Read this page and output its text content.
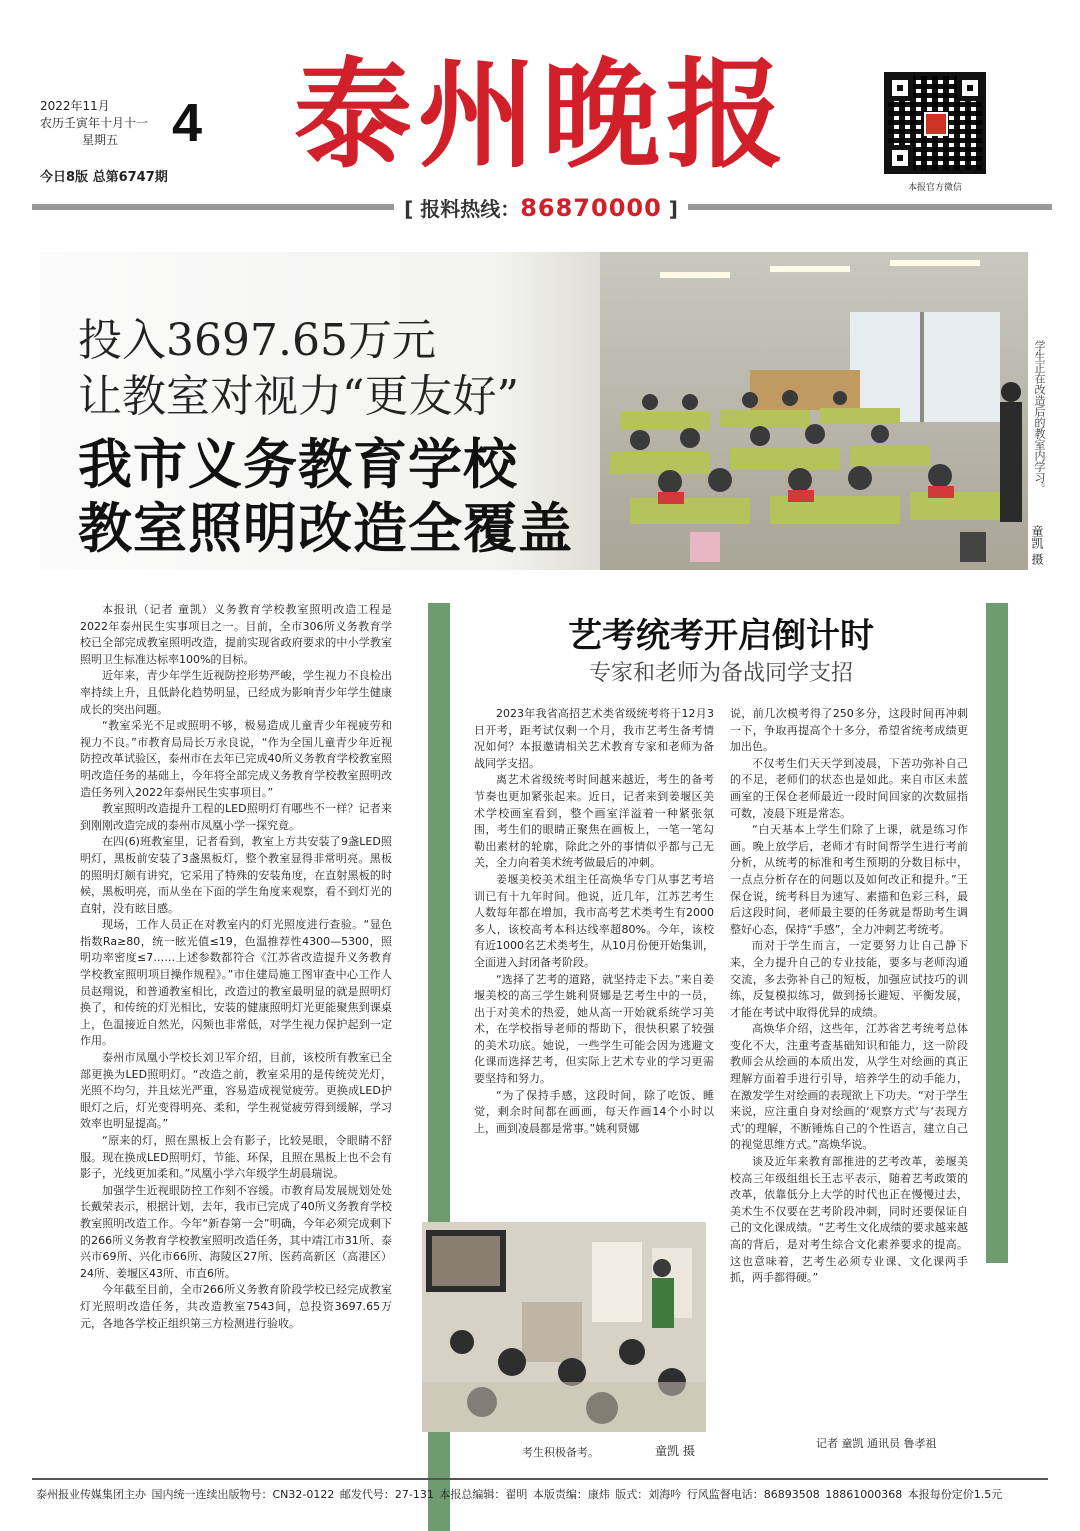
2022年11月
农历壬寅年十月十一
星期五 4
今日8版 总第6747期 泰州晚报
本报官方微信
[ 报料热线：86870000 ]
投入3697.65万元
让教室对视力“更友好”
我市义务教育学校
教室照明改造全覆盖
学生正在改造后的教室内学习。
童凯 摄

本报讯（记者 童凯）义务教育学校教室照明改造工程是2022年泰州民生实事项目之一。目前，全市306所义务教育学校已全部完成教室照明改造，提前实现省政府要求的中小学教室照明卫生标准达标率100%的目标。

近年来，青少年学生近视防控形势严峻，学生视力不良检出率持续上升，且低龄化趋势明显，已经成为影响青少年学生健康成长的突出问题。

“教室采光不足或照明不够，极易造成儿童青少年视疲劳和视力不良。”市教育局局长万永良说，“作为全国儿童青少年近视防控改革试验区，泰州市在去年已完成40所义务教育学校教室照明改造任务的基础上，今年将全部完成义务教育学校教室照明改造任务列入2022年泰州民生实事项目。”

教室照明改造提升工程的LED照明灯有哪些不一样？记者来到刚刚改造完成的泰州市凤凰小学一探究竟。

在四(6)班教室里，记者看到，教室上方共安装了9盏LED照明灯，黑板前安装了3盏黑板灯，整个教室显得非常明亮。黑板的照明灯颇有讲究，它采用了特殊的安装角度，在直射黑板的时候，黑板明亮，而从坐在下面的学生角度来观察，看不到灯光的直射，没有眩目感。

现场，工作人员正在对教室内的灯光照度进行查验。“显色指数Ra≥80，统一眩光值≤19，色温推荐性4300—5300，照明功率密度≤7……上述参数都符合《江苏省改造提升义务教育学校教室照明项目操作规程》。”市住建局施工图审查中心工作人员赵翔说，和普通教室相比，改造过的教室最明显的就是照明灯换了，和传统的灯光相比，安装的健康照明灯光更能聚焦到课桌上，色温接近自然光，闪频也非常低，对学生视力保护起到一定作用。

泰州市凤凰小学校长刘卫军介绍，目前，该校所有教室已全部更换为LED照明灯。“改造之前，教室采用的是传统荧光灯，光照不均匀，并且炫光严重，容易造成视觉疲劳。更换成LED护眼灯之后，灯光变得明亮、柔和，学生视觉疲劳得到缓解，学习效率也明显提高。”

“原来的灯，照在黑板上会有影子，比较晃眼，令眼睛不舒服。现在换成LED照明灯，节能、环保，且照在黑板上也不会有影子，光线更加柔和。”凤凰小学六年级学生胡晨瑞说。

加强学生近视眼防控工作刻不容缓。市教育局发展规划处处长戴荣表示，根据计划，去年，我市已完成了40所义务教育学校教室照明改造工作。今年“新春第一会”明确，今年必须完成剩下的266所义务教育学校教室照明改造任务，其中靖江市31所、泰兴市69所、兴化市66所、海陵区27所、医药高新区（高港区）24所、姜堰区43所、市直6所。

今年截至目前，全市266所义务教育阶段学校已经完成教室灯光照明改造任务，共改造教室7543间，总投资3697.65万元，各地各学校正组织第三方检测进行验收。

艺考统考开启倒计时
专家和老师为备战同学支招

2023年我省高招艺术类省级统考将于12月3日开考，距考试仅剩一个月，我市艺考生备考情况如何？本报邀请相关艺术教育专家和老师为备战同学支招。

离艺术省级统考时间越来越近，考生的备考节奏也更加紧张起来。近日，记者来到姜堰区美术学校画室看到，整个画室洋溢着一种紧张氛围，考生们的眼睛正聚焦在画板上，一笔一笔勾勒出素材的轮廓，除此之外的事情似乎都与己无关，全力向着美术统考做最后的冲刺。

姜堰美校美术组主任高焕华专门从事艺考培训已有十九年时间。他说，近几年，江苏艺考生人数每年都在增加，我市高考艺术类考生有2000多人，该校高考本科达线率超80%。今年，该校有近1000名艺术类考生，从10月份便开始集训，全面进入封闭备考阶段。

“选择了艺考的道路，就坚持走下去。”来自姜堰美校的高三学生姚利贤娜是艺考生中的一员，出于对美术的热爱，她从高一开始就系统学习美术，在学校指导老师的帮助下，很快积累了较强的美术功底。她说，一些学生可能会因为逃避文化课而选择艺考，但实际上艺术专业的学习更需要坚持和努力。

“为了保持手感，这段时间，除了吃饭、睡觉，剩余时间都在画画，每天作画14个小时以上，画到凌晨都是常事。”姚利贤娜

说，前几次模考得了250多分，这段时间再冲刺一下，争取再提高个十多分，希望省统考成绩更加出色。

不仅考生们天天学到凌晨，下苦功弥补自己的不足，老师们的状态也是如此。来自市区未蓝画室的王保仓老师最近一段时间回家的次数屈指可数，凌晨下班是常态。

“白天基本上学生们除了上课，就是练习作画。晚上放学后，老师才有时间帮学生进行考前分析，从统考的标准和考生预期的分数目标中，一点点分析存在的问题以及如何改正和提升。”王保仓说，统考科目为速写、素描和色彩三科，最后这段时间，老师最主要的任务就是帮助考生调整好心态，保持“手感”，全力冲刺艺考统考。

而对于学生而言，一定要努力让自己静下来，全力提升自己的专业技能，要多与老师沟通交流，多去弥补自己的短板，加强应试技巧的训练，反复模拟练习，做到扬长避短、平衡发展，才能在考试中取得优异的成绩。

高焕华介绍，这些年，江苏省艺考统考总体变化不大，注重考查基础知识和能力，这一阶段教师会从绘画的本质出发，从学生对绘画的真正理解方面着手进行引导，培养学生的动手能力，在激发学生对绘画的表现欲上下功夫。“对于学生来说，应注重自身对绘画的‘观察方式’与‘表现方式’的理解，不断锤炼自己的个性语言，建立自己的视觉思维方式。”高焕华说。

谈及近年来教育部推进的艺考改革，姜堰美校高三年级组组长王志平表示，随着艺考政策的改革，依靠低分上大学的时代也正在慢慢过去，美术生不仅要在艺考阶段冲刺，同时还要保证自己的文化课成绩。“艺考生文化成绩的要求越来越高的背后，是对考生综合文化素养要求的提高。这也意味着，艺考生必须专业课、文化课两手抓，两手都得硬。”

考生积极备考。	童凯 摄
记者 童凯 通讯员 鲁孝祖
泰州报业传媒集团主办 国内统一连续出版物号：CN32-0122 邮发代号：27-131 本报总编辑：翟明 本版责编：康炜 版式：刘海吟 行风监督电话：86893508 18861000368 本报每份定价1.5元
